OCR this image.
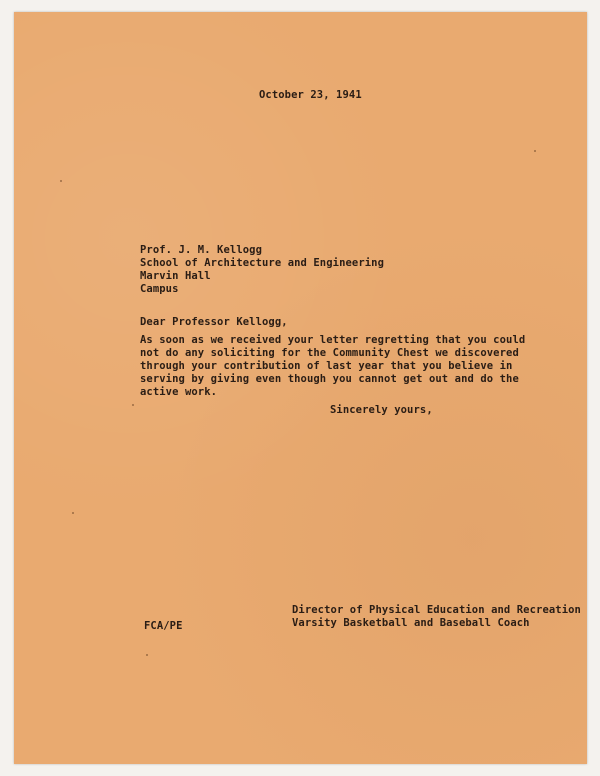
October 23, 1941
Prof. J. M. Kellogg
School of Architecture and Engineering
Marvin Hall
Campus
Dear Professor Kellogg,
As soon as we received your letter regretting that you could
not do any soliciting for the Community Chest we discovered
through your contribution of last year that you believe in
serving by giving even though you cannot get out and do the
active work.
Sincerely yours,
Director of Physical Education and Recreation
Varsity Basketball and Baseball Coach
FCA/PE
